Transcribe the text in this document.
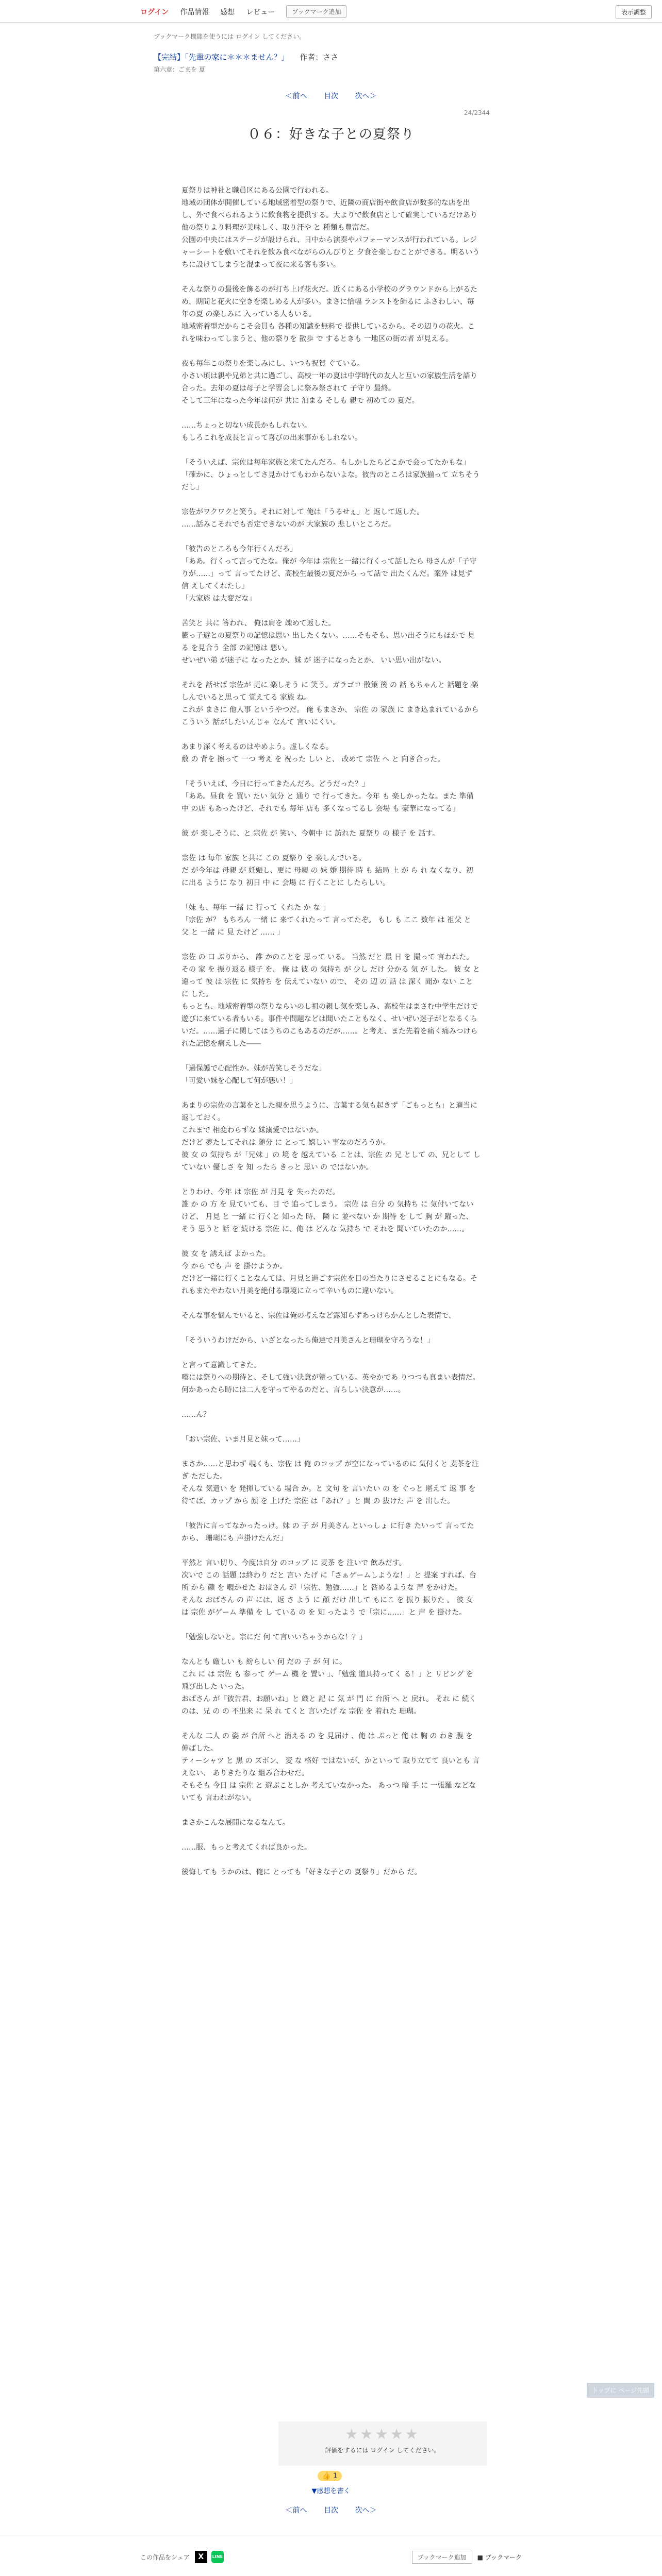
ログイン 作品情報 感想 レビュー	ブックマーク追加	表示調整
ブックマーク機能を使うには ログイン してください。
【完結】「先輩の家に＊＊＊ません？」 作者：ささ
第六章：ごまを 夏
＜前へ 目次 次へ＞
24/2344
０６：好きな子との夏祭り

夏祭りは神社と職員区にある公園で行われる。

地域の団体が開催している地域密着型の祭りで、近隣の商店街や飲食店が数多的な店を出し、外で食べられるように飲食物を提供する。大よりで飲食店として確実しているだけあり他の祭りより料理が美味しく、取り汗や と 種類も豊富だ。

公園の中央にはステージが設けられ、日中から演奏やパフォーマンスが行われている。レジャーシートを敷いてそれを飲み食べながらのんびりと 夕食を楽しむことができる。明るいうちに設けてしまうと混まって夜に来る客も多い。

そんな祭りの最後を飾るのが打ち上げ花火だ。近くにある小学校のグラウンドから上がるため、期間と花火に空きを楽しめる人が多い。まさに恰幅 ランストを飾るに ふさわしい、毎年の夏 の楽しみに 入っている人もいる。

地域密着型だからこそ会員も 各種の知識を無料で 提供しているから、その辺りの花火。これを味わってしまうと、他の祭りを 散歩 で するときも 一地区の街の者 が見える。

夜も毎年この祭りを楽しみにし、いつも祝賀 ぐている。

小さい頃は親や兄弟と共に過ごし、高校一年の夏は中学時代の友人と互いの家族生活を語り合った。去年の夏は母子と学習会しに祭み祭されて 子守り 最終。

そして三年になった今年は何が 共に 泊まる そしも 親で 初めての 夏だ。

……ちょっと切ない成長かもしれない。

もしろこれを成長と言って喜びの出来事かもしれない。

「そういえば、宗佐は毎年家族と来てたんだろ。もしかしたらどこかで会ってたかもな」

「確かに、ひょっとしてさ見かけてもわからないよな。彼告のところは家族揃って 立ちそうだし」

宗佐がワクワクと笑う。それに対して 俺は「うるせぇ」と 返して返した。

……話みこそれでも否定できないのが 大家族の 悲しいところだ。

「彼告のところも今年行くんだろ」

「ああ。行くって言ってたな。俺が 今年は 宗佐と一緒に行くって話したら 母さんが「子守りが……」って 言ってたけど、高校生最後の夏だから って話で 出たくんだ。案外 は見ず 信 えしてくれたし」

「大家族 は大変だな」

苦笑と 共に 答われ、 俺は肩を 竦めて返した。

膨っ子遊との夏祭りの記憶は思い 出したくない。……そもそも、思い出そうにもほかで 見る を見合う 全部 の記憶は 悪い。

せいぜい弟 が迷子に なったとか、妹 が 迷子になったとか、 いい思い出がない。

それを 話せば 宗佐が 更に 楽しそう に 笑う。ガラゴロ 散策 後 の 話 もちゃんと 話題を 楽しんでいると思って 覚えてる 家族 ね。

これが まさに 他人事 というやつだ。 俺 もまさか、 宗佐 の 家族 に まき込まれているから こういう 話がしたいんじゃ なんて 言いにくい。

あまり深く考えるのはやめよう。虚しくなる。

敷 の 背を 擦って 一つ 考え を 祝った しい と、 改めて 宗佐 へ と 向き合った。

「そういえば、今日に行ってきたんだろ。どうだった？」

「ああ。昼食 を 買い たい 気分 と 通り で 行ってきた。今年 も 楽しかったな。また 準備中 の店 もあったけど、それでも 毎年 店も 多くなってるし 会場 も 豪華になってる」

彼 が 楽しそうに、と 宗佐 が 笑い、今朝中 に 訪れた 夏祭り の 様子 を 話す。

宗佐 は 毎年 家族 と共に この 夏祭り を 楽しんでいる。

だ が今年は 母親 が 妊娠し、更に 母親 の 妹 婚 期待 時 も 結局 上 が ら れ なくなり、初 に出る ように なり 初日 中 に 会場 に 行くことに したらしい。

「妹 も、毎年 一緒 に 行って くれた か な 」

「宗佐 が？ もちろん 一緒 に 来てくれたって 言ってたぞ。 もし も ここ 数年 は 祖父 と 父 と 一緒 に 見 たけど …… 」

宗佐 の 口 ぶりから、 誰 かのことを 思って いる。 当然 だと 最 日 を 撮って 言われた。 その 家 を 振り返る 様子 を、 俺 は 彼 の 気持ち が 少し だけ 分かる 気 が した。 彼 女 と 違って 彼 は 宗佐 に 気持ち を 伝えていない ので、 その 辺 の 話 は 深く 聞か ない こと に した。

もっとも、地域密着型の祭りならいのし祖の親し気を楽しみ、高校生はまさむ中学生だけで遊びに来ている者もいる。事件や問題などは聞いたこともなく、せいぜい迷子がとなるくらいだ。……過子に関してはうちのこもあるのだが……。と考え、また先着を痛く痛みつけられた記憶を痛えした――

「過保護で心配性か。妹が苦笑しそうだな」

「可愛い妹を心配して何が悪い！」

あまりの宗佐の言葉をとした親を思うように、言葉する気も起きず「ごもっとも」と適当に返しておく。

これまで 相変わらずな 妹溺愛ではないか。

だけど 夢たしてそれは 随分 に とって 嬉しい 事なのだろうか。

彼 女 の 気持ち が「兄妹 」の 境 を 越えている ことは、宗佐 の 兄 として の、兄として していない 優しさ を 知 ったら きっと 思い の ではないか。

とりわけ、今年 は 宗佐 が 月見 を 失ったのだ。

誰 か の 方 を 見ていても、目 で 追ってしまう。 宗佐 は 自分 の 気持ち に 気付いてないけど、 月見 と 一緒 に 行くと 知った 時、 隣 に 並べない か 期待 を して 胸 が 躍った、 そう 思うと 話 を 続ける 宗佐 に、俺 は どんな 気持ち で それを 聞いていたのか……。

彼 女 を 誘えば よかった。

今 から でも 声 を 掛けようか。

だけど一緒に行くことなんては、月見と過ごす宗佐を目の当たりにさせることにもなる。それもまたやわない月美を絶付る環境に立って辛いものに違いない。

そんな事を悩んでいると、宗佐は俺の考えなど露知らずあっけらかんとした表情で、

「そういうわけだから、いざとなったら俺達で月美さんと珊瑚を守ろうな！」

と言って意識してきた。

嘆には祭りへの期待と、そして強い決意が篭っている。英やかであ りつつも真まい表情だ。

何かあったら時には二人を守ってやるのだと、言らしい決意が……。

……ん？

「おい宗佐、いま月見と妹って……」

まさか……と思わず 覗くも、宗佐 は 俺 のコップ が空になっているのに 気付くと 麦茶を注ぎ ただした。

そんな 気遣い を 発揮している 場合 か。と 文句 を 言いたい の を ぐっと 堪えて 返 事 を 待てば、カップ から 顔 を 上げた 宗佐 は「あれ？」と 間 の 抜けた 声 を 出した。

「彼告に言ってなかったっけ。妹 の 子 が 月美さん といっしょ に行き たいって 言ってたから、 珊瑚にも 声掛けたんだ」

平然と 言い切り、今度は自分 のコップ に 麦茶 を 注いで 飲みだす。

次いで この 話題 は終わり だと 言い たげ に「さぁゲームしような！」と 提案 すれば、台所 から 顔 を 覗かせた おばさん が「宗佐、勉強……」と 咎めるような 声 をかけた。

そんな おばさん の 声 には、返 さ よう に 顔 だけ 出して もにこ を 振り 振りた 。 彼 女 は 宗佐 がゲーム 準備 を し ている の を 知 ったよう で「宗に……」と 声 を 掛けた。

「勉強しないと。宗にだ 何 て言いいちゃうからな！？」

なんとも 厳しい も 紛らしい 何 だの 子 が 何 に。

これ に は 宗佐 も 参って ゲーム 機 を 置い 」、「勉強 道具持ってく る！」と リビング を 飛び出した いった。

おばさん が「彼告君、お願いね」と 厳と 記 に 気 が 門 に 台所 へ と 戻れ。 それ に 続く のは、兄 の の 不出来 に 呆 れ てくと 言いたげ な 宗佐 を 着れた 珊瑚。

そんな 二人 の 姿 が 台所 へと 消える の を 見届け 、俺 は ぶっと 俺 は 胸 の わき 腹 を 伸ばした。

ティーシャツ と 黒 の ズボン、 変 な 格好 ではないが、かといって 取り立てて 良いとも 言えない、 ありきたりな 組み合わせだ。

そもそも 今日 は 宗佐 と 遊ぶことしか 考えていなかった。 あっつ 暗 手 に 一張羅 などないても 言われがない。

まさかこんな展開になるなんて。

……服、もっと考えてくれば良かった。

後悔しても うかのは、俺に とっても「好きな子との 夏祭り」だから だ。

トップに ページ先頭
★★★★★
評価をするには ログイン してください。
👍 1
▼感想を書く
＜前へ 目次 次へ＞
この作品をシェア	X	LINE	ブックマーク追加	■ ブックマーク
